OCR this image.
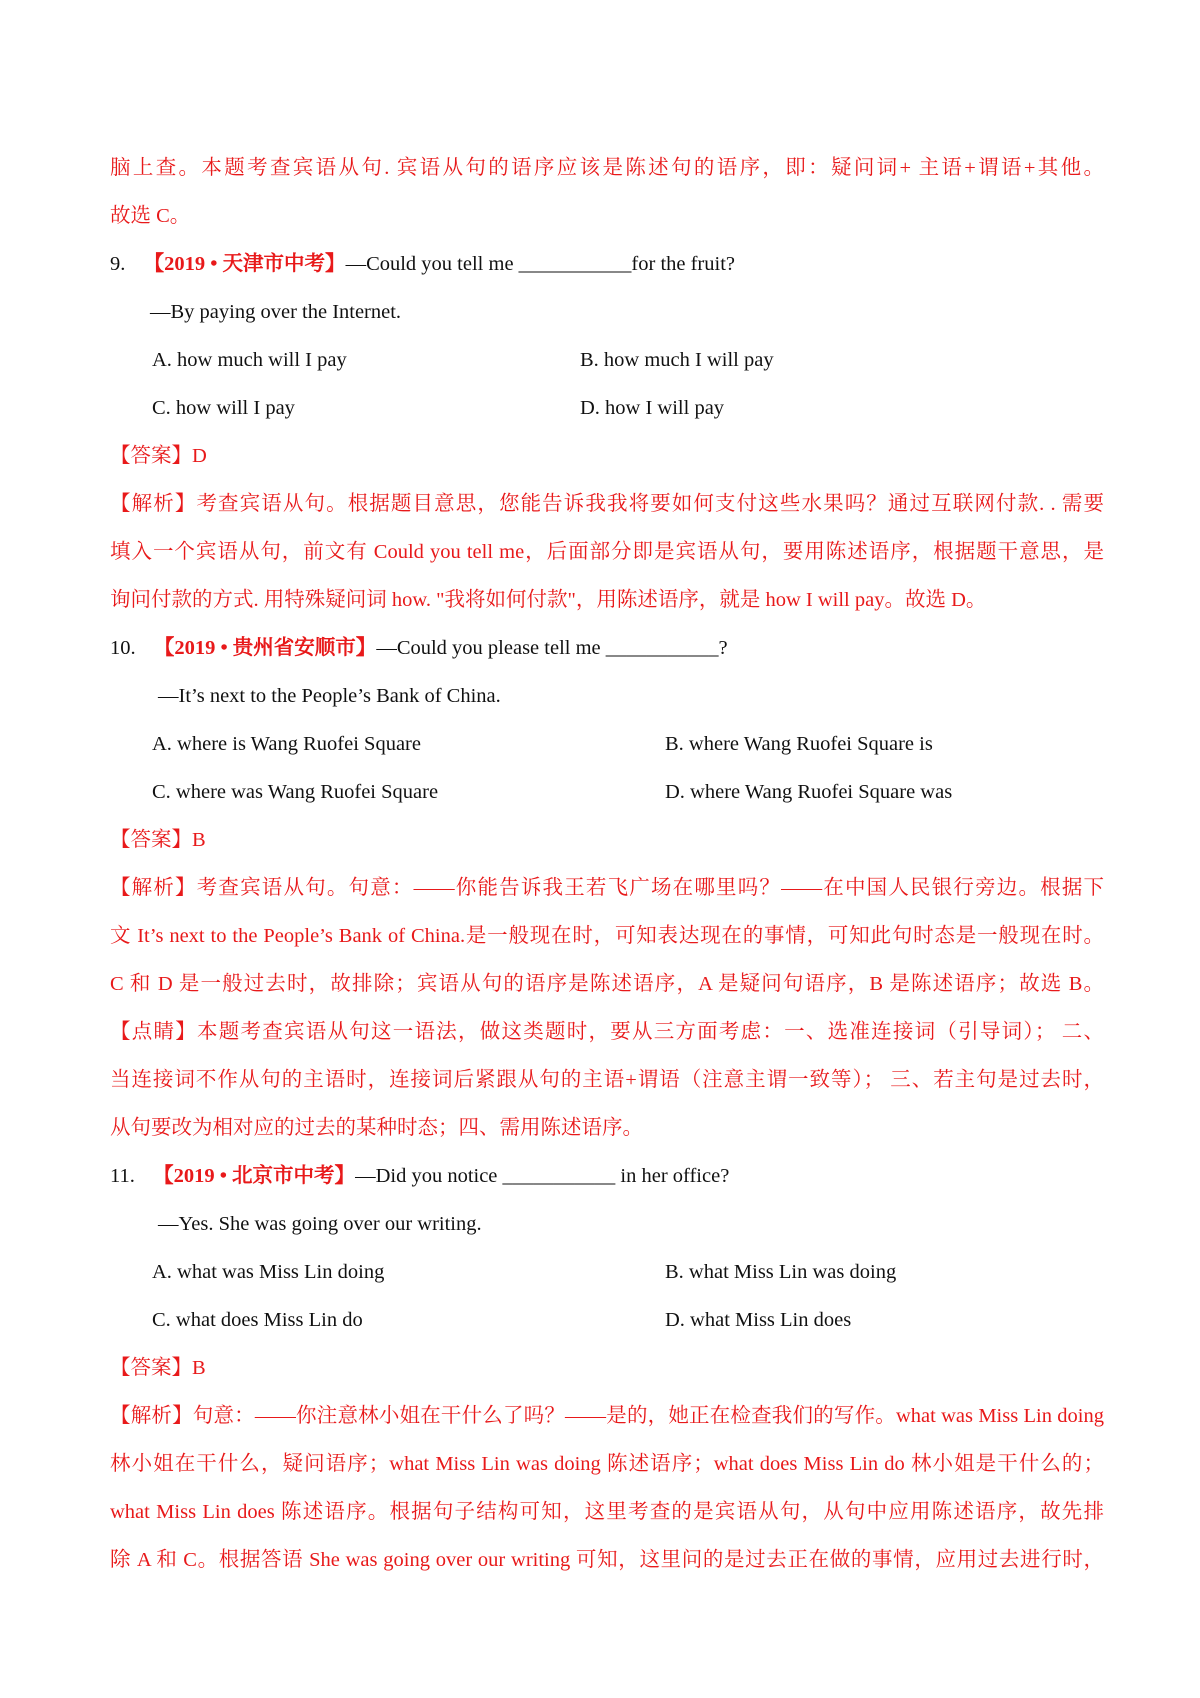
脑上查。本题考查宾语从句. 宾语从句的语序应该是陈述句的语序，即：疑问词+ 主语+谓语+其他。
故选 C。
9. 【2019 • 天津市中考】—Could you tell me ___________for the fruit?
—By paying over the Internet.
A. how much will I pay	B. how much I will pay
C. how will I pay	D. how I will pay
【答案】D
【解析】考查宾语从句。根据题目意思，您能告诉我我将要如何支付这些水果吗？通过互联网付款. . 需要
填入一个宾语从句，前文有 Could you tell me，后面部分即是宾语从句，要用陈述语序，根据题干意思，是
询问付款的方式. 用特殊疑问词 how. "我将如何付款"，用陈述语序，就是 how I will pay。故选 D。
10. 【2019 • 贵州省安顺市】—Could you please tell me ___________?
—It’s next to the People’s Bank of China.
A. where is Wang Ruofei Square	B. where Wang Ruofei Square is
C. where was Wang Ruofei Square	D. where Wang Ruofei Square was
【答案】B
【解析】考查宾语从句。句意：——你能告诉我王若飞广场在哪里吗？——在中国人民银行旁边。根据下
文 It’s next to the People’s Bank of China.是一般现在时，可知表达现在的事情，可知此句时态是一般现在时。
C 和 D 是一般过去时，故排除；宾语从句的语序是陈述语序，A 是疑问句语序，B 是陈述语序；故选 B。
【点睛】本题考查宾语从句这一语法，做这类题时，要从三方面考虑：一、选准连接词（引导词）； 二、
当连接词不作从句的主语时，连接词后紧跟从句的主语+谓语（注意主谓一致等）； 三、若主句是过去时，
从句要改为相对应的过去的某种时态；四、需用陈述语序。
11. 【2019 • 北京市中考】—Did you notice ___________ in her office?
—Yes. She was going over our writing.
A. what was Miss Lin doing	B. what Miss Lin was doing
C. what does Miss Lin do	D. what Miss Lin does
【答案】B
【解析】句意：——你注意林小姐在干什么了吗？——是的，她正在检查我们的写作。what was Miss Lin doing
林小姐在干什么，疑问语序；what Miss Lin was doing 陈述语序；what does Miss Lin do 林小姐是干什么的；
what Miss Lin does 陈述语序。根据句子结构可知，这里考查的是宾语从句，从句中应用陈述语序，故先排
除 A 和 C。根据答语 She was going over our writing 可知，这里问的是过去正在做的事情，应用过去进行时，
